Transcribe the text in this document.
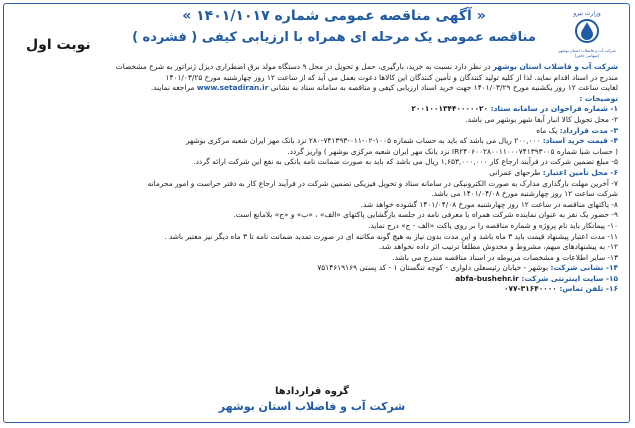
« آگهی مناقصه عمومی شماره ۱۴۰۱/۱۰۱۷ »
مناقصه عمومی یک مرحله ای همراه با ارزیابی کیفی ( فشرده )
نوبت اول
وزارت نیرو
شرکت آب و فاضلاب استان بوشهر (سهامی خاص)

شرکت آب و فاضلاب استان بوشهر در نظر دارد نسبت به خرید، بارگیری، حمل و تحویل در محل ۹ دستگاه مولد برق اضطراری دیزل ژنراتور به شرح مشخصات

مندرج در اسناد اقدام نماید. لذا از کلیه تولید کنندگان و تأمین کنندگان این کالاها دعوت بعمل می آید که از ساعت ۱۲ روز چهارشنبه مورخ ۱۴۰۱/۰۳/۲۵

لغایت ساعت ۱۲ روز یکشنبه مورخ ۱۴۰۱/۰۳/۲۹ جهت خرید اسناد ارزیابی کیفی و مناقصه به سامانه ستاد به نشانی www.setadiran.ir مراجعه نمایند.

توضیحات :

۱- شماره فراخوان در سامانه ستاد: ۲۰۰۱۰۰۱۳۴۴۰۰۰۰۰۲۰

۲- محل تحویل کالا انبار آبفا شهر بوشهر می باشد.

۳- مدت قرارداد: یک ماه

۴- قیمت خرید اسناد: ۲۰۰,۰۰۰ ریال می باشد که باید به حساب شماره ۱۰۰۵-۰۲-۰۱۱-۷۴۱۳۹۳-۲۸۰ نزد بانک مهر ایران شعبه مرکزی بوشهر

( حساب شبا شماره IR۲۴۰۶۰۰۲۸۰۰۱۱۰۰۰۷۴۱۳۹۳۰۰۵ نزد بانک مهر ایران شعبه مرکزی بوشهر ) واریز گردد.

۵- مبلغ تضمین شرکت در فرآیند ارجاع کار ۱,۶۵۳,۰۰۰,۰۰۰ ریال می باشد که باید به صورت ضمانت نامه بانکی به نفع این شرکت ارائه گردد.

۶- محل تأمین اعتبار: طرحهای عمرانی

۷- آخرین مهلت بارگذاری مدارک به صورت الکترونیکی در سامانه ستاد و تحویل فیزیکی تضمین شرکت در فرآیند ارجاع کار به دفتر حراست و امور محرمانه

شرکت ساعت ۱۲ روز چهارشنبه مورخ ۱۴۰۱/۰۴/۰۸ می باشد.

۸- پاکتهای مناقصه در ساعت ۱۲ روز چهارشنبه مورخ ۱۴۰۱/۰۴/۰۸ گشوده خواهد شد.

۹- حضور یک نفر به عنوان نماینده شرکت همراه با معرفی نامه در جلسه بازگشایی پاکتهای «الف» ، «ب» و «ج» بلامانع است.

۱۰- پیمانکار باید نام پروژه و شماره مناقصه را بر روی پاکت «الف - ج» درج نماید.

۱۱- مدت اعتبار پیشنهاد قیمت باید ۳ ماه باشد و این مدت بدون نیاز به هیچ گونه مکاتبه ای در صورت تمدید ضمانت نامه تا ۳ ماه دیگر نیز معتبر باشد .

۱۲- به پیشنهادهای مبهم، مشروط و مخدوش مطلقاً ترتیب اثر داده نخواهد شد.

۱۳- سایر اطلاعات و مشخصات مربوطه در اسناد مناقصه مندرج می باشد.

۱۴- نشانی شرکت: بوشهر - خیابان رئیسعلی دلواری - کوچه تنگستان ۱ - کد پستی ۷۵۱۴۶۱۹۱۶۹

۱۵- سایت اینترنتی شرکت: abfa-bushehr.ir

۱۶- تلفن تماس: ۳۱۶۴۰۰۰۰-۰۷۷

گروه قراردادها
شرکت آب و فاضلاب استان بوشهر
